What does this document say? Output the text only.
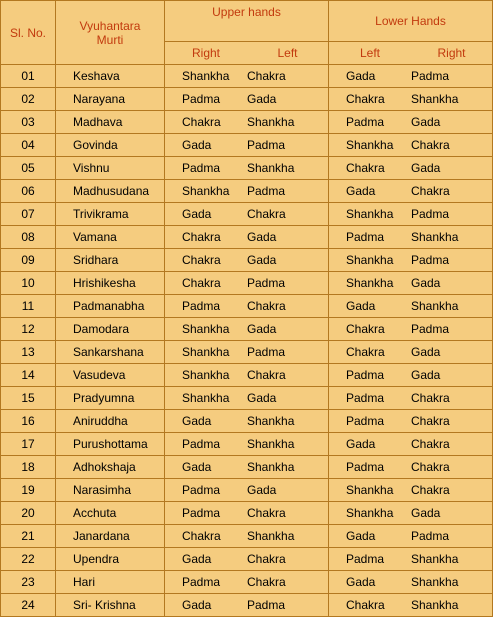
Sl. No.	Vyuhantara Murti	Upper hands	Lower Hands

		Right Left	Left Right

01	Keshava	Shankha Chakra	Gada Padma

02	Narayana	Padma Gada	Chakra Shankha

03	Madhava	Chakra Shankha	Padma Gada

04	Govinda	Gada Padma	Shankha Chakra

05	Vishnu	Padma Shankha	Chakra Gada

06	Madhusudana	Shankha Padma	Gada Chakra

07	Trivikrama	Gada Chakra	Shankha Padma

08	Vamana	Chakra Gada	Padma Shankha

09	Sridhara	Chakra Gada	Shankha Padma

10	Hrishikesha	Chakra Padma	Shankha Gada

11	Padmanabha	Padma Chakra	Gada Shankha

12	Damodara	Shankha Gada	Chakra Padma

13	Sankarshana	Shankha Padma	Chakra Gada

14	Vasudeva	Shankha Chakra	Padma Gada

15	Pradyumna	Shankha Gada	Padma Chakra

16	Aniruddha	Gada Shankha	Padma Chakra

17	Purushottama	Padma Shankha	Gada Chakra

18	Adhokshaja	Gada Shankha	Padma Chakra

19	Narasimha	Padma Gada	Shankha Chakra

20	Acchuta	Padma Chakra	Shankha Gada

21	Janardana	Chakra Shankha	Gada Padma

22	Upendra	Gada Chakra	Padma Shankha

23	Hari	Padma Chakra	Gada Shankha

24	Sri- Krishna	Gada Padma	Chakra Shankha
